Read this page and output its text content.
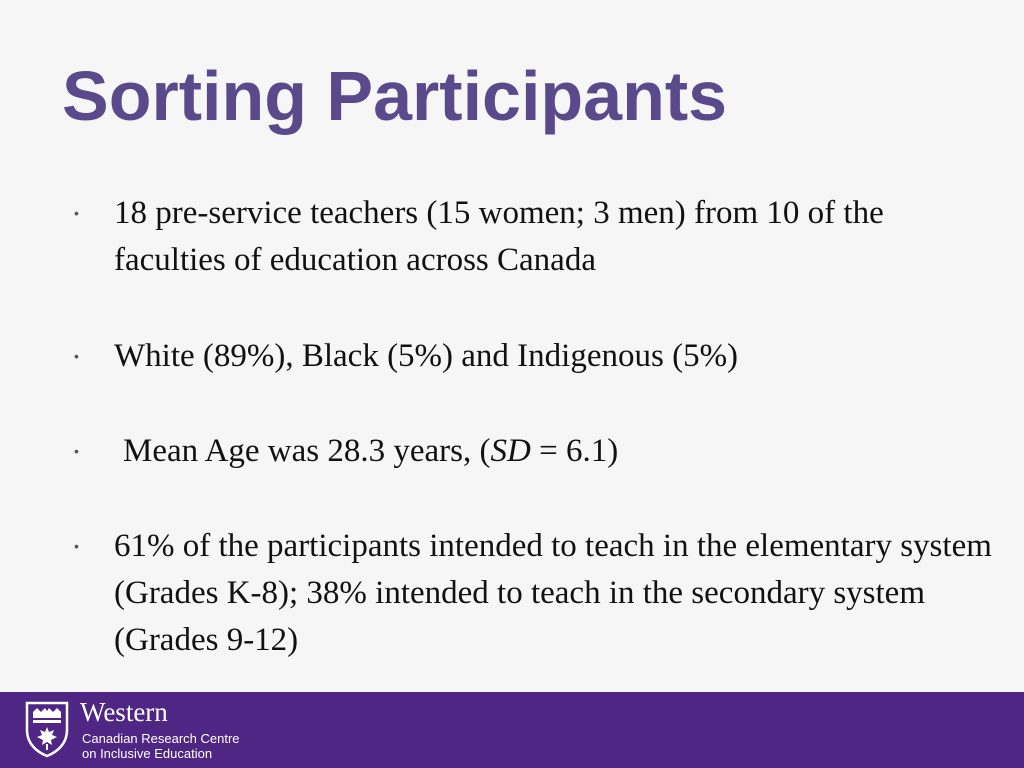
Sorting Participants
• 18 pre-service teachers (15 women; 3 men) from 10 of the faculties of education across Canada
• White (89%), Black (5%) and Indigenous (5%)
• Mean Age was 28.3 years, (SD = 6.1)
• 61% of the participants intended to teach in the elementary system (Grades K-8); 38% intended to teach in the secondary system (Grades 9-12)
Western
Canadian Research Centre
on Inclusive Education
